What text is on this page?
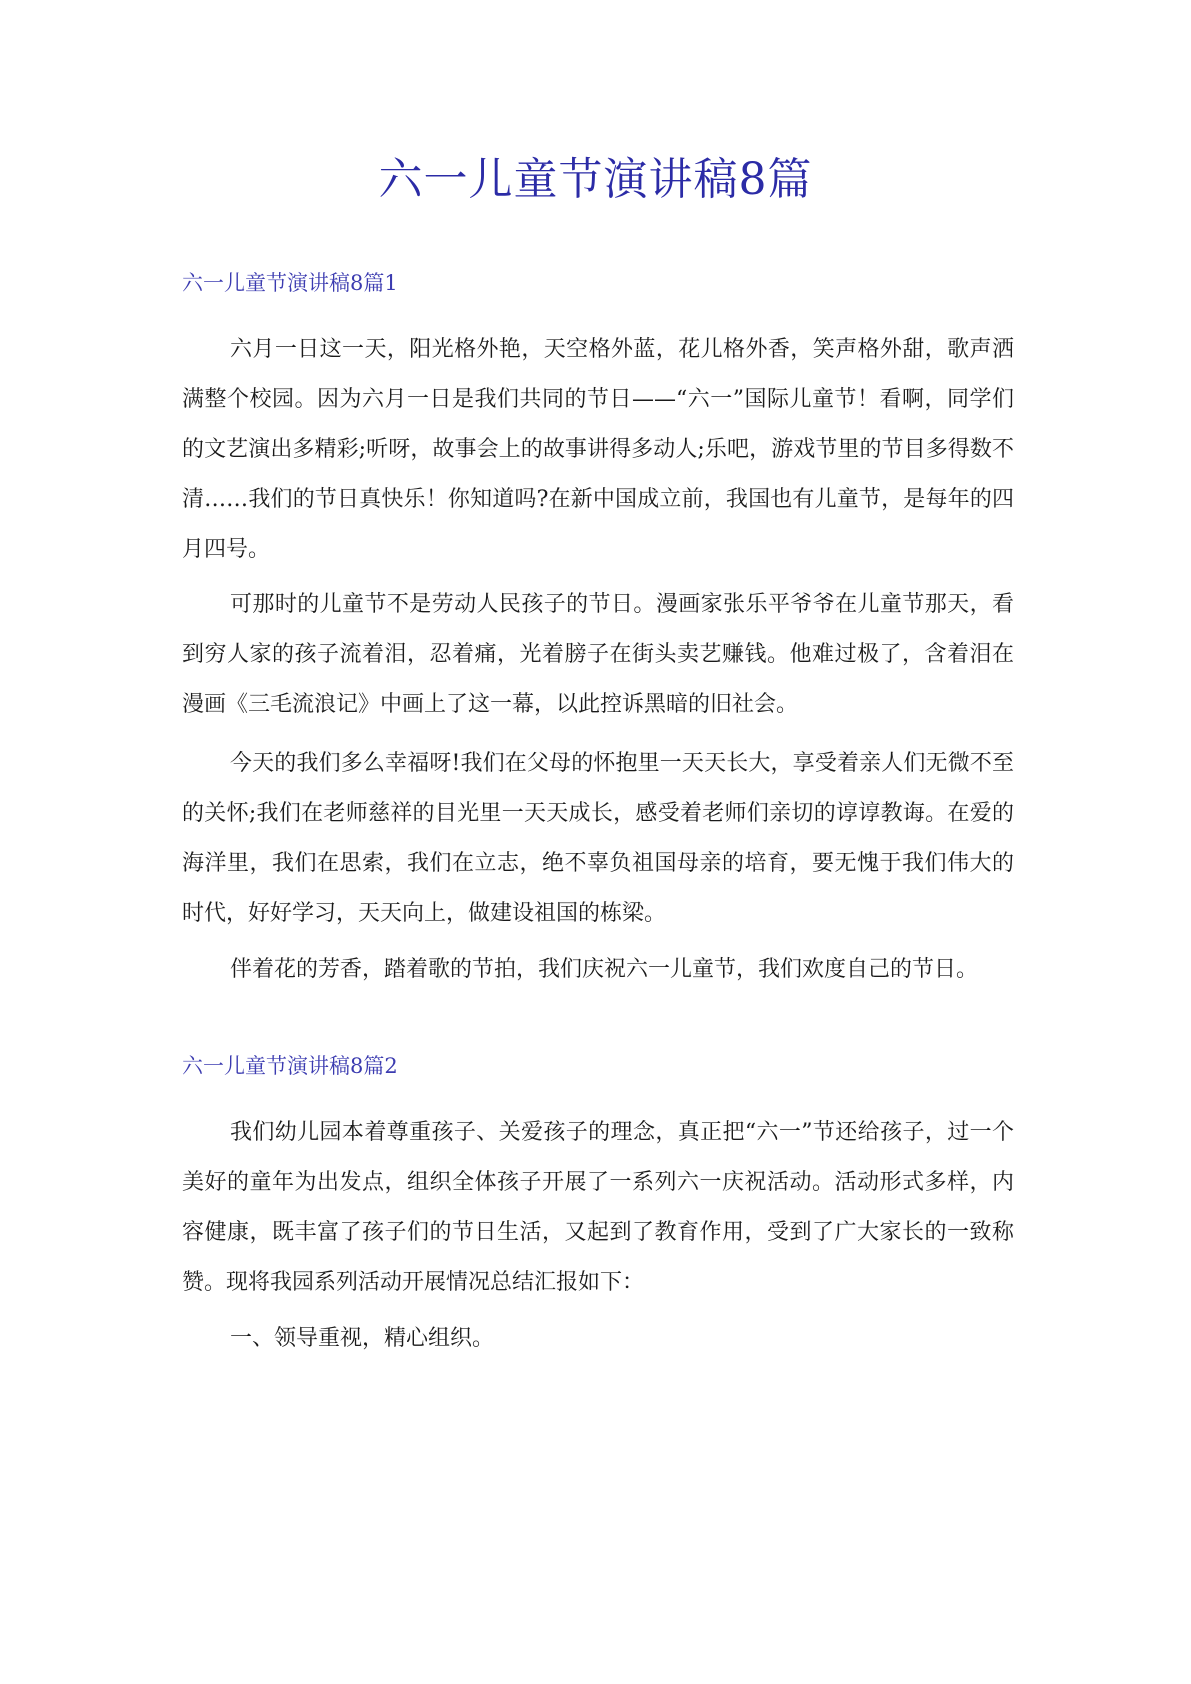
六一儿童节演讲稿8篇
六一儿童节演讲稿8篇1

六月一日这一天，阳光格外艳，天空格外蓝，花儿格外香，笑声格外甜，歌声洒满整个校园。因为六月一日是我们共同的节日——“六一”国际儿童节！看啊，同学们的文艺演出多精彩;听呀，故事会上的故事讲得多动人;乐吧，游戏节里的节目多得数不清……我们的节日真快乐！你知道吗?在新中国成立前，我国也有儿童节，是每年的四月四号。

可那时的儿童节不是劳动人民孩子的节日。漫画家张乐平爷爷在儿童节那天，看到穷人家的孩子流着泪，忍着痛，光着膀子在街头卖艺赚钱。他难过极了，含着泪在漫画《三毛流浪记》中画上了这一幕，以此控诉黑暗的旧社会。

今天的我们多么幸福呀!我们在父母的怀抱里一天天长大，享受着亲人们无微不至的关怀;我们在老师慈祥的目光里一天天成长，感受着老师们亲切的谆谆教诲。在爱的海洋里，我们在思索，我们在立志，绝不辜负祖国母亲的培育，要无愧于我们伟大的时代，好好学习，天天向上，做建设祖国的栋梁。

伴着花的芳香，踏着歌的节拍，我们庆祝六一儿童节，我们欢度自己的节日。

六一儿童节演讲稿8篇2

我们幼儿园本着尊重孩子、关爱孩子的理念，真正把“六一”节还给孩子，过一个美好的童年为出发点，组织全体孩子开展了一系列六一庆祝活动。活动形式多样，内容健康，既丰富了孩子们的节日生活，又起到了教育作用，受到了广大家长的一致称赞。现将我园系列活动开展情况总结汇报如下：

一、领导重视，精心组织。
